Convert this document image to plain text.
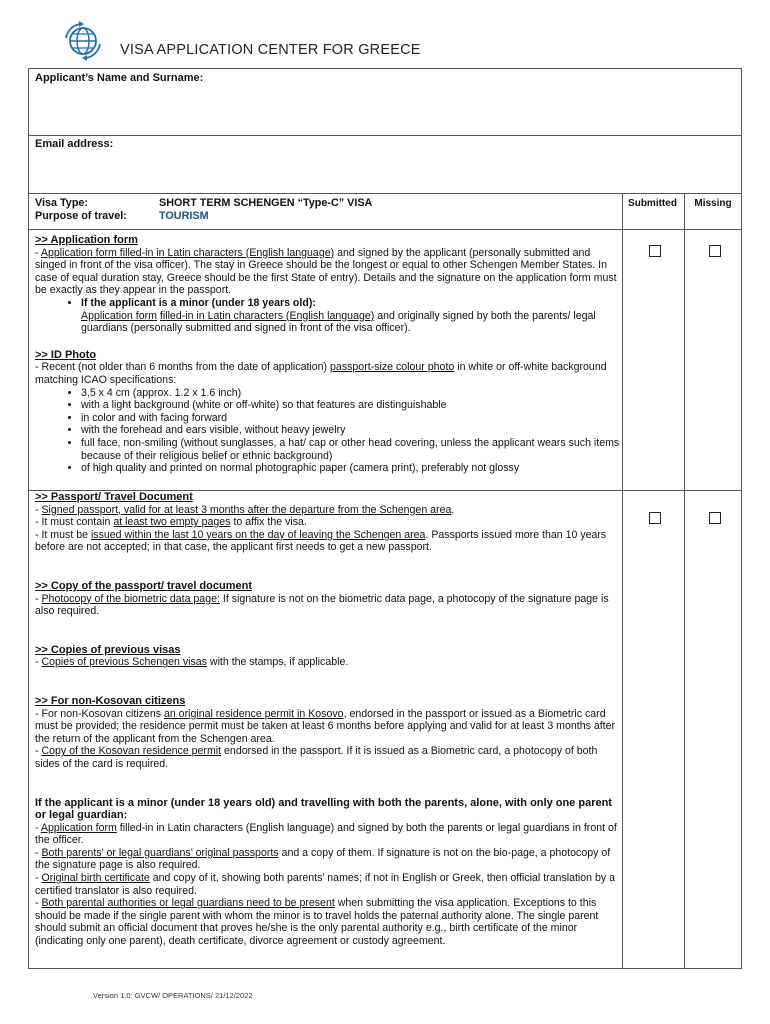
VISA APPLICATION CENTER FOR GREECE
Applicant’s Name and Surname:
Email address:
Visa Type:	SHORT TERM SCHENGEN “Type-C” VISA
Purpose of travel:	TOURISM
Submitted	Missing
>> Application form
- Application form filled-in in Latin characters (English language) and signed by the applicant (personally submitted and singed in front of the visa officer). The stay in Greece should be the longest or equal to other Schengen Member States. In case of equal duration stay, Greece should be the first State of entry). Details and the signature on the application form must be exactly as they appear in the passport.
• If the applicant is a minor (under 18 years old):
Application form filled-in in Latin characters (English language) and originally signed by both the parents/ legal guardians (personally submitted and signed in front of the visa officer).
>> ID Photo
- Recent (not older than 6 months from the date of application) passport-size colour photo in white or off-white background matching ICAO specifications:
• 3,5 x 4 cm (approx. 1.2 x 1.6 inch)
• with a light background (white or off-white) so that features are distinguishable
• in color and with facing forward
• with the forehead and ears visible, without heavy jewelry
• full face, non-smiling (without sunglasses, a hat/ cap or other head covering, unless the applicant wears such items because of their religious belief or ethnic background)
• of high quality and printed on normal photographic paper (camera print), preferably not glossy
>> Passport/ Travel Document
- Signed passport, valid for at least 3 months after the departure from the Schengen area.
- It must contain at least two empty pages to affix the visa.
- It must be issued within the last 10 years on the day of leaving the Schengen area. Passports issued more than 10 years before are not accepted; in that case, the applicant first needs to get a new passport.
>> Copy of the passport/ travel document
- Photocopy of the biometric data page: If signature is not on the biometric data page, a photocopy of the signature page is also required.
>> Copies of previous visas
- Copies of previous Schengen visas with the stamps, if applicable.
>> For non-Kosovan citizens
- For non-Kosovan citizens an original residence permit in Kosovo, endorsed in the passport or issued as a Biometric card must be provided; the residence permit must be taken at least 6 months before applying and valid for at least 3 months after the return of the applicant from the Schengen area.
- Copy of the Kosovan residence permit endorsed in the passport. If it is issued as a Biometric card, a photocopy of both sides of the card is required.
If the applicant is a minor (under 18 years old) and travelling with both the parents, alone, with only one parent or legal guardian:
- Application form filled-in in Latin characters (English language) and signed by both the parents or legal guardians in front of the officer.
- Both parents’ or legal guardians’ original passports and a copy of them. If signature is not on the bio-page, a photocopy of the signature page is also required.
- Original birth certificate and copy of it, showing both parents’ names; if not in English or Greek, then official translation by a certified translator is also required.
- Both parental authorities or legal guardians need to be present when submitting the visa application. Exceptions to this should be made if the single parent with whom the minor is to travel holds the paternal authority alone. The single parent should submit an official document that proves he/she is the only parental authority e.g., birth certificate of the minor (indicating only one parent), death certificate, divorce agreement or custody agreement.
Version 1.0: GVCW/ OPERATIONS/ 21/12/2022
